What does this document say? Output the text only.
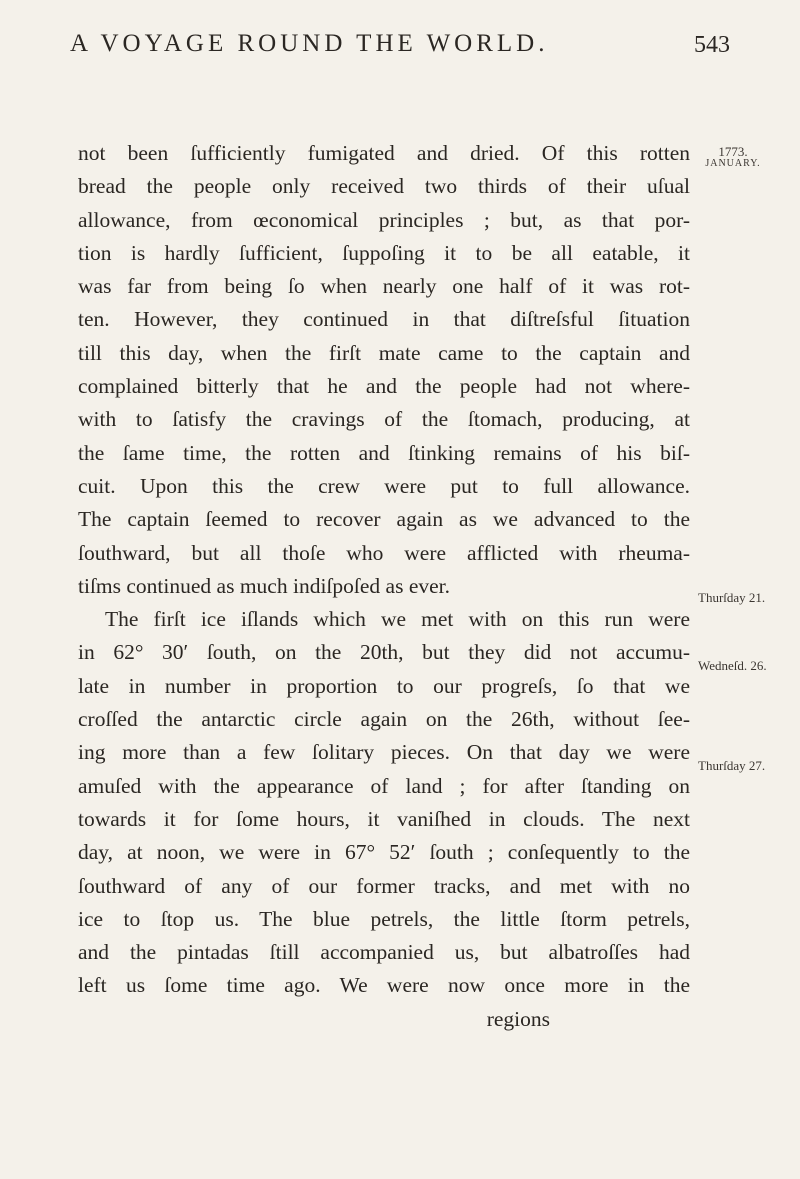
A VOYAGE ROUND THE WORLD.	543
1773.
JANUARY.
Thurſday 21.
Wedneſd. 26.
Thurſday 27.
not been ſufficiently fumigated and dried. Of this rotten
bread the people only received two thirds of their uſual
allowance, from œconomical principles ; but, as that por-
tion is hardly ſufficient, ſuppoſing it to be all eatable, it
was far from being ſo when nearly one half of it was rot-
ten. However, they continued in that diſtreſsful ſituation
till this day, when the firſt mate came to the captain and
complained bitterly that he and the people had not where-
with to ſatisfy the cravings of the ſtomach, producing, at
the ſame time, the rotten and ſtinking remains of his biſ-
cuit. Upon this the crew were put to full allowance.
The captain ſeemed to recover again as we advanced to the
ſouthward, but all thoſe who were afflicted with rheuma-
tiſms continued as much indiſpoſed as ever.
The firſt ice iſlands which we met with on this run were
in 62° 30′ ſouth, on the 20th, but they did not accumu-
late in number in proportion to our progreſs, ſo that we
croſſed the antarctic circle again on the 26th, without ſee-
ing more than a few ſolitary pieces. On that day we were
amuſed with the appearance of land ; for after ſtanding on
towards it for ſome hours, it vaniſhed in clouds. The next
day, at noon, we were in 67° 52′ ſouth ; conſequently to the
ſouthward of any of our former tracks, and met with no
ice to ſtop us. The blue petrels, the little ſtorm petrels,
and the pintadas ſtill accompanied us, but albatroſſes had
left us ſome time ago. We were now once more in the
regions
